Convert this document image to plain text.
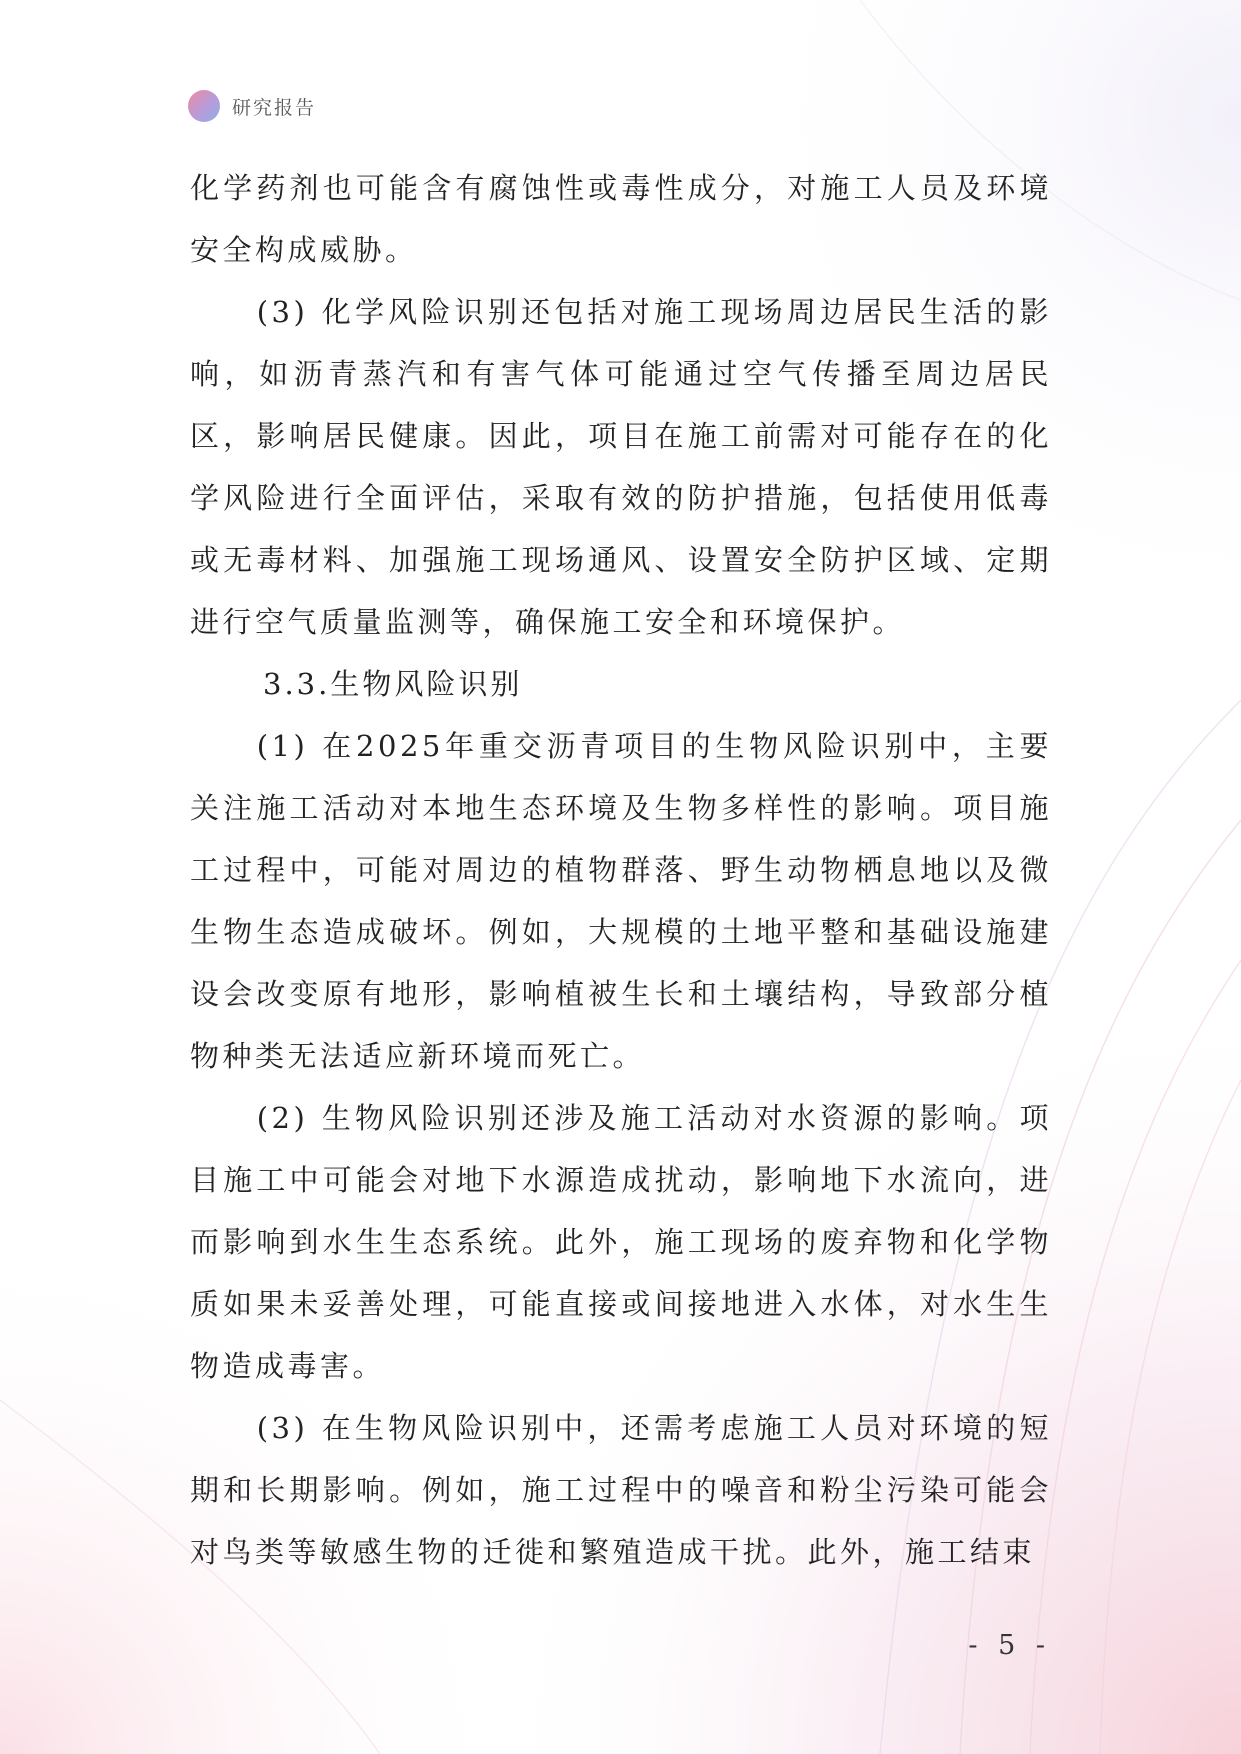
研究报告

化学药剂也可能含有腐蚀性或毒性成分，对施工人员及环境安全构成威胁。

(3) 化学风险识别还包括对施工现场周边居民生活的影响，如沥青蒸汽和有害气体可能通过空气传播至周边居民区，影响居民健康。因此，项目在施工前需对可能存在的化学风险进行全面评估，采取有效的防护措施，包括使用低毒或无毒材料、加强施工现场通风、设置安全防护区域、定期进行空气质量监测等，确保施工安全和环境保护。

3.3.生物风险识别

(1) 在2025年重交沥青项目的生物风险识别中，主要关注施工活动对本地生态环境及生物多样性的影响。项目施工过程中，可能对周边的植物群落、野生动物栖息地以及微生物生态造成破坏。例如，大规模的土地平整和基础设施建设会改变原有地形，影响植被生长和土壤结构，导致部分植物种类无法适应新环境而死亡。

(2) 生物风险识别还涉及施工活动对水资源的影响。项目施工中可能会对地下水源造成扰动，影响地下水流向，进而影响到水生生态系统。此外，施工现场的废弃物和化学物质如果未妥善处理，可能直接或间接地进入水体，对水生生物造成毒害。

(3) 在生物风险识别中，还需考虑施工人员对环境的短期和长期影响。例如，施工过程中的噪音和粉尘污染可能会对鸟类等敏感生物的迁徙和繁殖造成干扰。此外，施工结束

- 5 -
